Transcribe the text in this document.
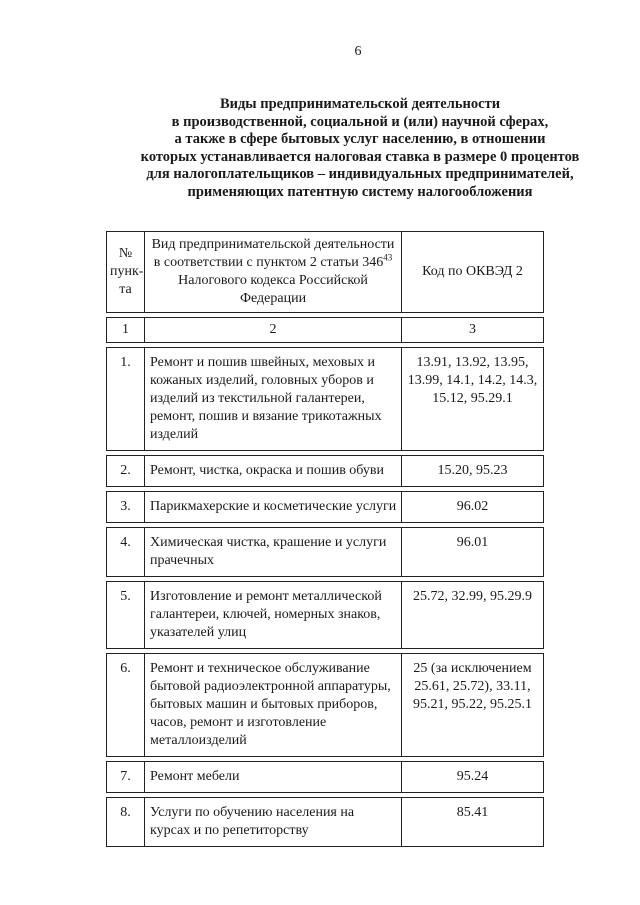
6
Виды предпринимательской деятельности
в производственной, социальной и (или) научной сферах,
а также в сфере бытовых услуг населению, в отношении
которых устанавливается налоговая ставка в размере 0 процентов
для налогоплательщиков – индивидуальных предпринимателей,
применяющих патентную систему налогообложения
№ пунк-та	Вид предпринимательской деятельности в соответствии с пунктом 2 статьи $346^{43}$ Налогового кодекса Российской Федерации	Код по ОКВЭД 2

1	2	3

1.	Ремонт и пошив швейных, меховых и кожаных изделий, головных уборов и изделий из текстильной галантереи, ремонт, пошив и вязание трикотажных изделий	13.91, 13.92, 13.95, 13.99, 14.1, 14.2, 14.3, 15.12, 95.29.1

2.	Ремонт, чистка, окраска и пошив обуви	15.20, 95.23

3.	Парикмахерские и косметические услуги	96.02

4.	Химическая чистка, крашение и услуги прачечных	96.01

5.	Изготовление и ремонт металлической галантереи, ключей, номерных знаков, указателей улиц	25.72, 32.99, 95.29.9

6.	Ремонт и техническое обслуживание бытовой радиоэлектронной аппаратуры, бытовых машин и бытовых приборов, часов, ремонт и изготовление металлоизделий	25 (за исключением 25.61, 25.72), 33.11, 95.21, 95.22, 95.25.1

7.	Ремонт мебели	95.24

8.	Услуги по обучению населения на курсах и по репетиторству	85.41
